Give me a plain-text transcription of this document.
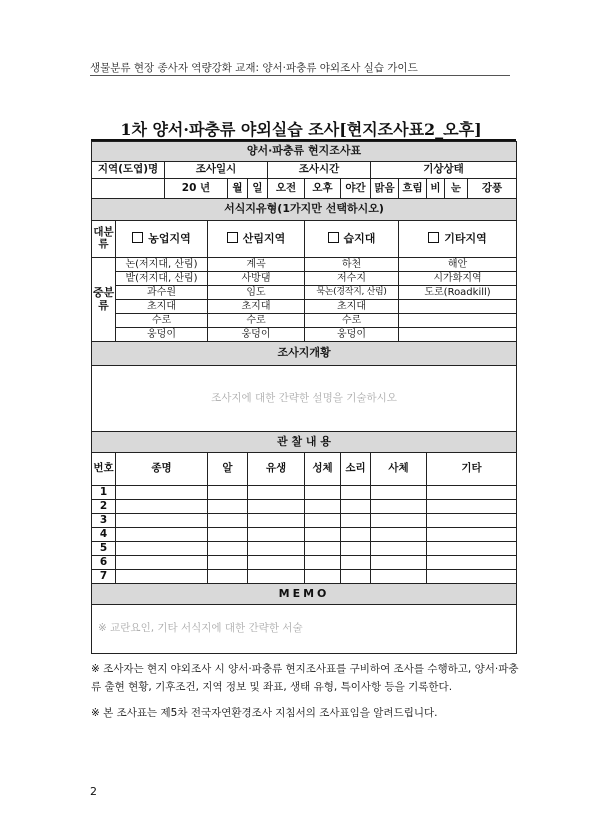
생물분류 현장 종사자 역량강화 교재: 양서·파충류 야외조사 실습 가이드
1차 양서·파충류 야외실습 조사[현지조사표2_오후]
양서·파충류 현지조사표													
지역(도엽)명		조사일시				조사시간			기상상태				
		20 년		월	일	오전	오후	야간	맑음	흐림	비	눈	강풍
서식지유형(1가지만 선택하시오)													
대분류	농업지역		산림지역				습지대			기타지역			
중분류	논(저지대, 산림)		계곡				하천			해안			
	밭(저지대, 산림)		사방댐				저수지			시가화지역			
	과수원		임도				묵논(경작지, 산림)			도로(Roadkill)			
	초지대		초지대				초지대						
	수로		수로				수로						
	웅덩이		웅덩이				웅덩이						
조사지개황													
조사지에 대한 간략한 설명을 기술하시오													
관 찰 내 용													
번호	종명		알		유생		성체	소리	사체		기타		
1													
2													
3													
4													
5													
6													
7													
MEMO													
※ 교란요인, 기타 서식지에 대한 간략한 서술													

※ 조사자는 현지 야외조사 시 양서·파충류 현지조사표를 구비하여 조사를 수행하고, 양서·파충류 출현 현황, 기후조건, 지역 정보 및 좌표, 생태 유형, 특이사항 등을 기록한다.

※ 본 조사표는 제5차 전국자연환경조사 지침서의 조사표임을 알려드립니다.

2
